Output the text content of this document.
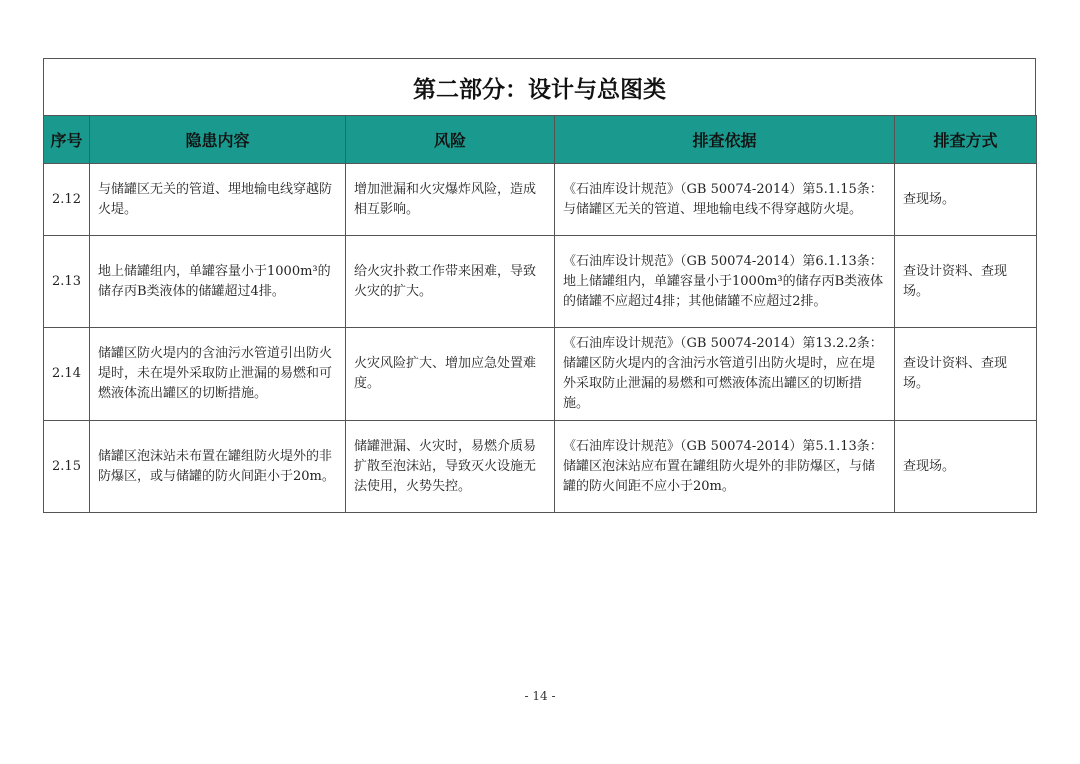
第二部分：设计与总图类
序号	隐患内容	风险	排查依据	排查方式
2.12	与储罐区无关的管道、埋地输电线穿越防火堤。	增加泄漏和火灾爆炸风险，造成相互影响。	《石油库设计规范》（GB 50074-2014）第5.1.15条：与储罐区无关的管道、埋地输电线不得穿越防火堤。	查现场。
2.13	地上储罐组内，单罐容量小于1000m³的储存丙B类液体的储罐超过4排。	给火灾扑救工作带来困难，导致火灾的扩大。	《石油库设计规范》（GB 50074-2014）第6.1.13条：地上储罐组内，单罐容量小于1000m³的储存丙B类液体的储罐不应超过4排；其他储罐不应超过2排。	查设计资料、查现场。
2.14	储罐区防火堤内的含油污水管道引出防火堤时，未在堤外采取防止泄漏的易燃和可燃液体流出罐区的切断措施。	火灾风险扩大、增加应急处置难度。	《石油库设计规范》（GB 50074-2014）第13.2.2条：储罐区防火堤内的含油污水管道引出防火堤时，应在堤外采取防止泄漏的易燃和可燃液体流出罐区的切断措施。	查设计资料、查现场。
2.15	储罐区泡沫站未布置在罐组防火堤外的非防爆区，或与储罐的防火间距小于20m。	储罐泄漏、火灾时，易燃介质易扩散至泡沫站，导致灭火设施无法使用，火势失控。	《石油库设计规范》（GB 50074-2014）第5.1.13条：储罐区泡沫站应布置在罐组防火堤外的非防爆区，与储罐的防火间距不应小于20m。	查现场。
- 14 -
